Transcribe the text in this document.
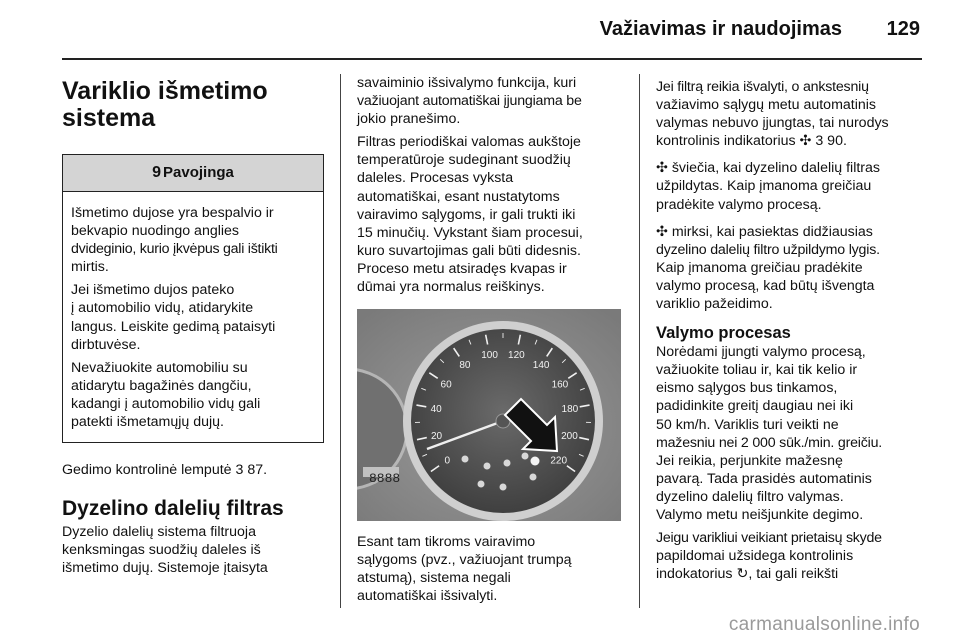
Važiavimas ir naudojimas 129
Variklio išmetimo
sistema
9 Pavojinga

Išmetimo dujose yra bespalvio ir
bekvapio nuodingo anglies
dvideginio, kurio įkvėpus gali ištikti
mirtis.

Jei išmetimo dujos pateko
į automobilio vidų, atidarykite
langus. Leiskite gedimą pataisyti
dirbtuvėse.

Nevažiuokite automobiliu su
atidarytu bagažinės dangčiu,
kadangi į automobilio vidų gali
patekti išmetamųjų dujų.

Gedimo kontrolinė lemputė 3 87.

Dyzelino dalelių filtras

Dyzelio dalelių sistema filtruoja
kenksmingas suodžių daleles iš
išmetimo dujų. Sistemoje įtaisyta

savaiminio išsivalymo funkcija, kuri
važiuojant automatiškai įjungiama be
jokio pranešimo.

Filtras periodiškai valomas aukštoje
temperatūroje sudeginant suodžių
daleles. Procesas vyksta
automatiškai, esant nustatytoms
vairavimo sąlygoms, ir gali trukti iki
15 minučių. Vykstant šiam procesui,
kuro suvartojimas gali būti didesnis.
Proceso metu atsiradęs kvapas ir
dūmai yra normalus reiškinys.

0
20
40
60
80
100 120
140
160
180
200
220
8888

Esant tam tikroms vairavimo
sąlygoms (pvz., važiuojant trumpą
atstumą), sistema negali
automatiškai išsivalyti.

Jei filtrą reikia išvalyti, o ankstesnių
važiavimo sąlygų metu automatinis
valymas nebuvo įjungtas, tai nurodys
kontrolinis indikatorius ✣ 3 90.

✣ šviečia, kai dyzelino dalelių filtras
užpildytas. Kaip įmanoma greičiau
pradėkite valymo procesą.

✣ mirksi, kai pasiektas didžiausias
dyzelino dalelių filtro užpildymo lygis.
Kaip įmanoma greičiau pradėkite
valymo procesą, kad būtų išvengta
variklio pažeidimo.

Valymo procesas

Norėdami įjungti valymo procesą,
važiuokite toliau ir, kai tik kelio ir
eismo sąlygos bus tinkamos,
padidinkite greitį daugiau nei iki
50 km/h. Variklis turi veikti ne
mažesniu nei 2 000 sūk./min. greičiu.
Jei reikia, perjunkite mažesnę
pavarą. Tada prasidės automatinis
dyzelino dalelių filtro valymas.
Valymo metu neišjunkite degimo.

Jeigu varikliui veikiant prietaisų skyde
papildomai užsidega kontrolinis
indokatorius ↻, tai gali reikšti

carmanualsonline.info
